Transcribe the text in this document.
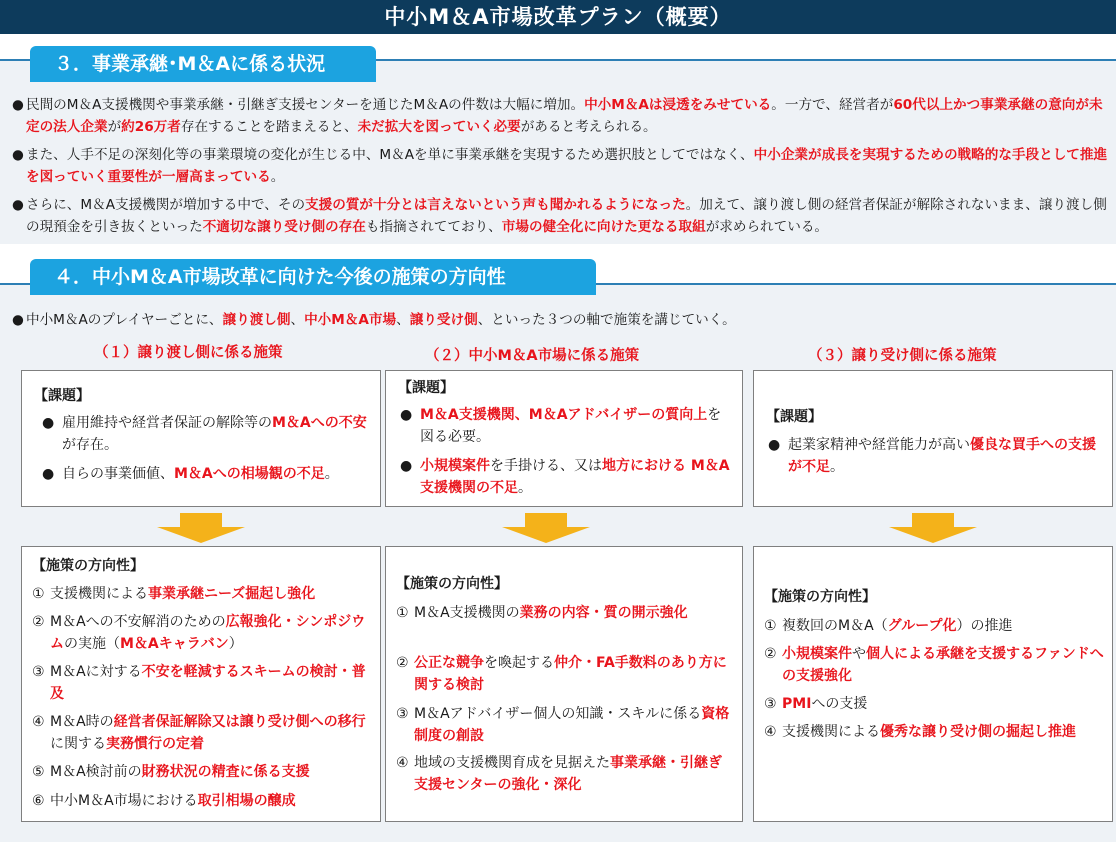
中小M＆A市場改革プラン（概要）
３．事業承継･M＆Aに係る状況
● 民間のM＆A支援機関や事業承継・引継ぎ支援センターを通じたM＆Aの件数は大幅に増加。中小M＆Aは浸透をみせている。一方で、経営者が60代以上かつ事業承継の意向が未定の法人企業が約26万者存在することを踏まえると、未だ拡大を図っていく必要があると考えられる。
● また、人手不足の深刻化等の事業環境の変化が生じる中、M＆Aを単に事業承継を実現するため選択肢としてではなく、中小企業が成長を実現するための戦略的な手段として推進を図っていく重要性が一層高まっている。
● さらに、M＆A支援機関が増加する中で、その支援の質が十分とは言えないという声も聞かれるようになった。加えて、譲り渡し側の経営者保証が解除されないまま、譲り渡し側の現預金を引き抜くといった不適切な譲り受け側の存在も指摘されてており、市場の健全化に向けた更なる取組が求められている。
４．中小M＆A市場改革に向けた今後の施策の方向性
● 中小M＆Aのプレイヤーごとに、譲り渡し側、中小M＆A市場、譲り受け側、といった３つの軸で施策を講じていく。
（１）譲り渡し側に係る施策	（２）中小M＆A市場に係る施策	（３）譲り受け側に係る施策
【課題】
● 雇用維持や経営者保証の解除等のM＆Aへの不安が存在。
● 自らの事業価値、M＆Aへの相場観の不足。
【課題】
● M＆A支援機関、M＆Aアドバイザーの質向上を図る必要。
● 小規模案件を手掛ける、又は地方における M＆A支援機関の不足。
【課題】
● 起業家精神や経営能力が高い優良な買手への支援が不足。
【施策の方向性】
① 支援機関による事業承継ニーズ掘起し強化
② M＆Aへの不安解消のための広報強化・シンポジウムの実施（M＆Aキャラバン）
③ M＆Aに対する不安を軽減するスキームの検討・普及
④ M＆A時の経営者保証解除又は譲り受け側への移行に関する実務慣行の定着
⑤ M＆A検討前の財務状況の精査に係る支援
⑥ 中小M＆A市場における取引相場の醸成
【施策の方向性】
① M＆A支援機関の業務の内容・質の開示強化
② 公正な競争を喚起する仲介・FA手数料のあり方に関する検討
③ M＆Aアドバイザー個人の知識・スキルに係る資格制度の創設
④ 地域の支援機関育成を見据えた事業承継・引継ぎ支援センターの強化・深化
【施策の方向性】
① 複数回のM＆A（グループ化）の推進
② 小規模案件や個人による承継を支援するファンドへの支援強化
③ PMIへの支援
④ 支援機関による優秀な譲り受け側の掘起し推進
